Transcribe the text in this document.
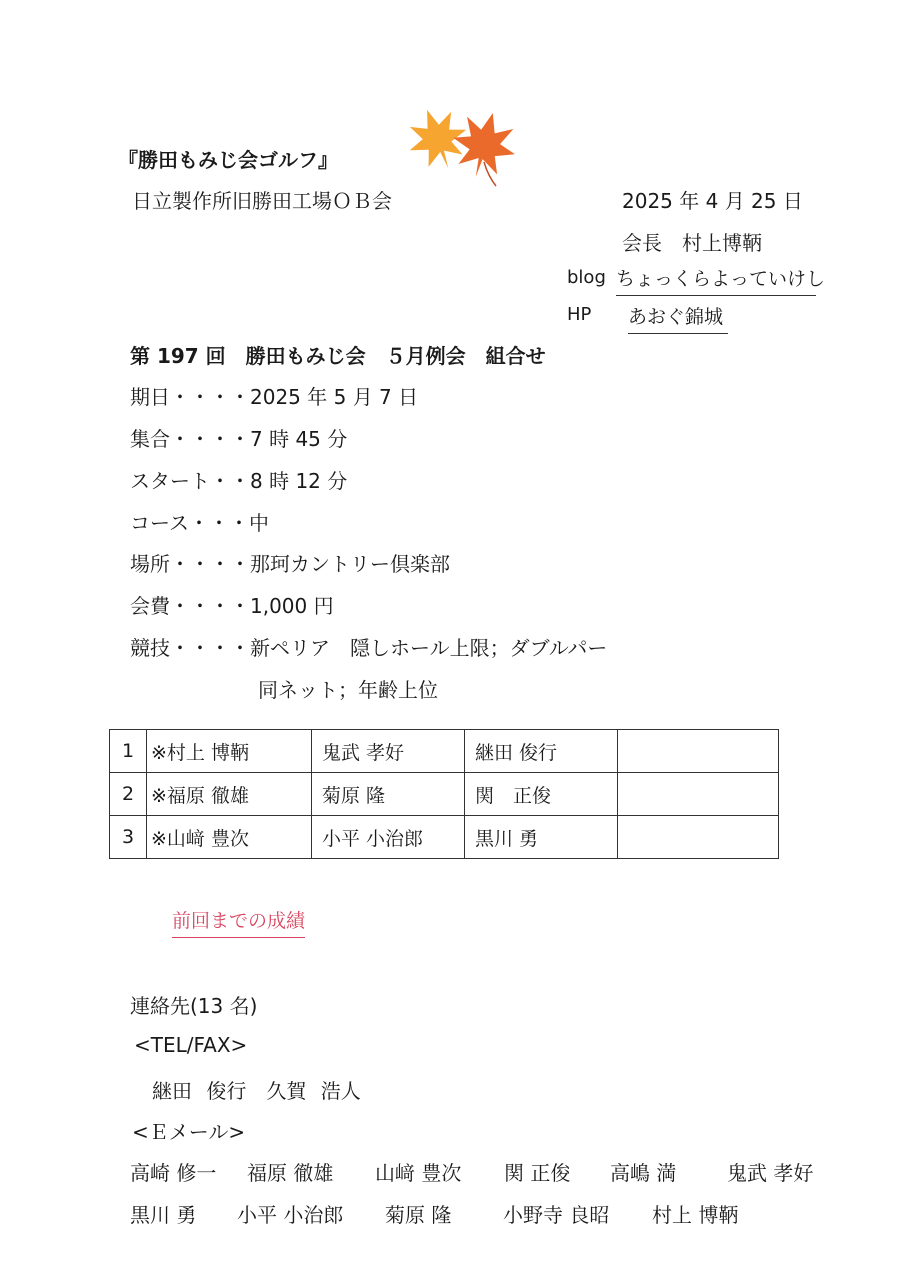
『勝田もみじ会ゴルフ』
日立製作所旧勝田工場ＯＢ会	2025 年 4 月 25 日
会長　村上博鞆
blog ちょっくらよっていけし
HP あおぐ錦城
第 197 回　勝田もみじ会　５月例会　組合せ
期日・・・・2025 年 5 月 7 日
集合・・・・7 時 45 分
スタート・・8 時 12 分
コース・・・中
場所・・・・那珂カントリー倶楽部
会費・・・・1,000 円
競技・・・・新ペリア　隠しホール上限；ダブルパー
同ネット；年齢上位
1	※村上 博鞆	鬼武 孝好	継田 俊行	
2	※福原 徹雄	菊原 隆	関　正俊	
3	※山﨑 豊次	小平 小治郎	黒川 勇	
前回までの成績
連絡先(13 名)
<TEL/FAX>
継田 俊行　久賀 浩人
<Ｅメール>
高崎 修一 福原 徹雄 山﨑 豊次 関 正俊 高嶋 満	鬼武 孝好
黒川 勇 小平 小治郎 菊原 隆	小野寺 良昭 村上 博鞆
